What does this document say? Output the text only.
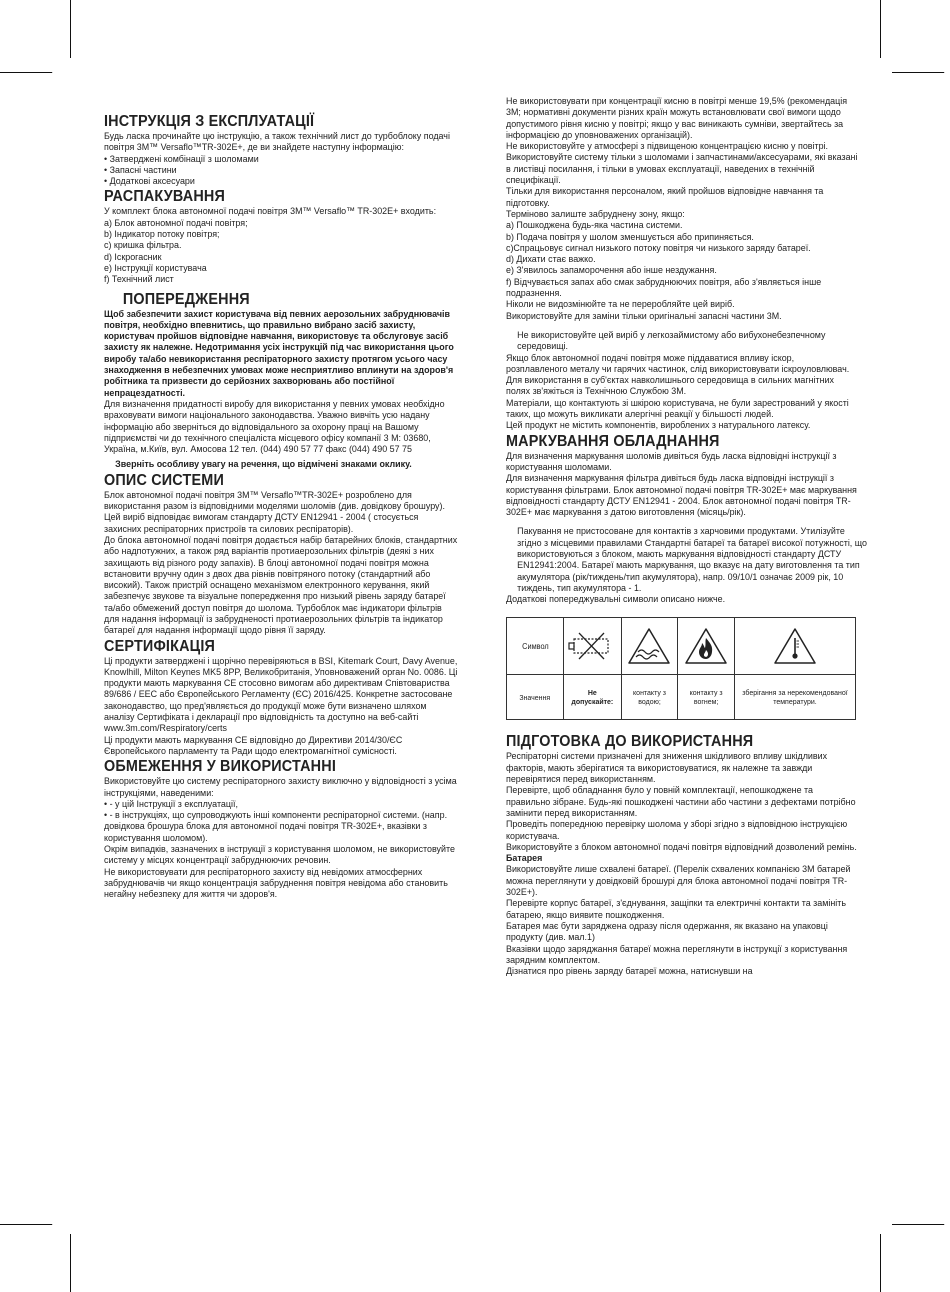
ІНСТРУКЦІЯ З ЕКСПЛУАТАЦІЇ

Будь ласка прочинайте цю інструкцію, а також технічний лист до турбоблоку подачі повітря 3M™ Versaflo™TR-302E+, де ви знайдете наступну інформацію:

• Затверджені комбінації з шоломами

• Запасні частини

• Додаткові аксесуари

РАСПАКУВАННЯ

У комплект блока автономної подачі повітря 3M™ Versaflo™ TR-302E+ входить:

a) Блок автономної подачі повітря;

b) Індикатор потоку повітря;

c) кришка фільтра.

d) Іскрогасник

e) Інструкції користувача

f) Технічний лист

ПОПЕРЕДЖЕННЯ

Щоб забезпечити захист користувача від певних аерозольних забруднювачів повітря, необхідно впевнитись, що правильно вибрано засіб захисту, користувач пройшов відповідне навчання, використовує та обслуговує засіб захисту як належне. Недотримання усіх інструкцій під час використання цього виробу та/або невикористання респіраторного захисту протягом усього часу знаходження в небезпечних умовах може несприятливо вплинути на здоров'я робітника та призвести до серйозних захворювань або постійної непрацездатності.

Для визначення придатності виробу для використання у певних умовах необхідно враховувати вимоги національного законодавства. Уважно вивчіть усю надану інформацію або зверніться до відповідального за охорону праці на Вашому підприємстві чи до технічного спеціаліста місцевого офісу компанії 3 M: 03680, Україна, м.Київ, вул. Амосова 12 тел. (044) 490 57 77 факс (044) 490 57 75

Зверніть особливу увагу на речення, що відмічені знаками оклику.

ОПИС СИСТЕМИ

Блок автономної подачі повітря 3M™ Versaflo™TR-302E+ розроблено для використання разом із відповідними моделями шоломів (див. довідкову брошуру). Цей виріб відповідає вимогам стандарту ДСТУ EN12941 - 2004 ( стосується захисних респіраторних пристроїв та силових респіраторів).

До блока автономної подачі повітря додається набір батарейних блоків, стандартних або надпотужних, а також ряд варіантів протиаерозольних фільтрів (деякі з них захищають від різного роду запахів). В блоці автономної подачі повітря можна встановити вручну один з двох два рівнів повітряного потоку (стандартний або високий). Також пристрій оснащено механізмом електронного керування, який забезпечує звукове та візуальне попередження про низький рівень заряду батареї та/або обмежений доступ повітря до шолома. Турбоблок має індикатори фільтрів для надання інформації із забрудненості протиаерозольних фільтрів та індикатор батареї для надання інформації щодо рівня її заряду.

СЕРТИФІКАЦІЯ

Ці продукти затверджені і щорічно перевіряються в BSI, Kitemark Court, Davy Avenue, Knowlhill, Milton Keynes MK5 8PP, Великобританія, Уповноважений орган No. 0086. Ці продукти мають маркування CE стосовно вимогам або директивам Співтовариства 89/686 / EEC або Європейського Регламенту (ЄС) 2016/425. Конкретне застосоване законодавство, що пред'являється до продукції може бути визначено шляхом аналізу Сертифіката і декларації про відповідність та доступно на веб-сайті www.3m.com/Respiratory/certs

Ці продукти мають маркування CE відповідно до Директиви 2014/30/ЄС Європейського парламенту та Ради щодо електромагнітної сумісності.

ОБМЕЖЕННЯ У ВИКОРИСТАННІ

Використовуйте цю систему респіраторного захисту виключно у відповідності з усіма інструкціями, наведеними:

• - у цій Інструкції з експлуатації,

• - в інструкціях, що супроводжують інші компоненти респіраторної системи. (напр. довідкова брошура блока для автономної подачі повітря TR-302E+, вказівки з користування шоломом).

Окрім випадків, зазначених в інструкції з користування шоломом, не використовуйте систему у місцях концентрації забруднюючих речовин.

Не використовувати для респіраторного захисту від невідомих атмосферних забруднювачів чи якщо концентрація забруднення повітря невідома або становить негайну небезпеку для життя чи здоров'я.

Не використовувати при концентрації кисню в повітрі менше 19,5% (рекомендація 3M; нормативні документи різних країн можуть встановлювати свої вимоги щодо допустимого рівня кисню у повітрі; якщо у вас виникають сумніви, звертайтесь за інформацією до уповноважених організацій).

Не використовуйте у атмосфері з підвищеною концентрацією кисню у повітрі.

Використовуйте систему тільки з шоломами і запчастинами/аксесуарами, які вказані в листівці посилання, і тільки в умовах експлуатації, наведених в технічній специфікації.

Тільки для використання персоналом, який пройшов відповідне навчання та підготовку.

Терміново залиште забруднену зону, якщо:

a) Пошкоджена будь-яка частина системи.

b) Подача повітря у шолом зменшується або припиняється.

c)Спрацьовує сигнал низького потоку повітря чи низького заряду батареї.

d) Дихати стає важко.

e) З'явилось запаморочення або інше нездужання.

f) Відчувається запах або смак забруднюючих повітря, або з'являється інше подразнення.

Ніколи не видозмінюйте та не переробляйте цей виріб.

Використовуйте для заміни тільки оригінальні запасні частини 3M.

Не використовуйте цей виріб у легкозаймистому або вибухонебезпечному середовищі.

Якщо блок автономної подачі повітря може піддаватися впливу іскор, розплавленого металу чи гарячих частинок, слід використовувати іскроуловлювач.

Для використання в суб'єктах навколишнього середовища в сильних магнітних полях зв'яжіться із Технічною Службою 3M.

Матеріали, що контактують зі шкірою користувача, не були зарестрований у якості таких, що можуть викликати алергічні реакції у більшості людей.

Цей продукт не містить компонентів, вироблених з натурального латексу.

МАРКУВАННЯ ОБЛАДНАННЯ

Для визначення маркування шоломів дивіться будь ласка відповідні інструкції з користування шоломами.

Для визначення маркування фільтра дивіться будь ласка відповідні інструкції з користування фільтрами. Блок автономної подачі повітря TR-302E+ має маркування відповідності стандарту ДСТУ EN12941 - 2004. Блок автономної подачі повітря TR-302E+ має маркування з датою виготовлення (місяць/рік).

Пакування не пристосоване для контактів з харчовими продуктами. Утилізуйте згідно з місцевими правилами Стандартні батареї та батареї високої потужності, що використовуються з блоком, мають маркування відповідності стандарту ДСТУ EN12941:2004. Батареї мають маркування, що вказує на дату виготовлення та тип акумулятора (рік/тиждень/тип акумулятора), напр. 09/10/1 означає 2009 рік, 10 тиждень, тип акумулятора - 1.

Додаткові попереджувальні символи описано нижче.

Символ	

Значення	Не допускайте:	контакту з водою;	контакту з вогнем;	зберігання за нерекомендованої температури.
ПІДГОТОВКА ДО ВИКОРИСТАННЯ

Респіраторні системи призначені для зниження шкідливого впливу шкідливих факторів, мають зберігатися та використовуватися, як належне та завжди перевірятися перед використанням.

Перевірте, щоб обладнання було у повній комплектації, непошкоджене та правильно зібране. Будь-які пошкоджені частини або частини з дефектами потрібно замінити перед використанням.

Проведіть попереднюю перевірку шолома у зборі згідно з відповідною інструкцією користувача.

Використовуйте з блоком автономної подачі повітря відповідний дозволений ремінь.

Батарея

Використовуйте лише схвалені батареї. (Перелік схвалених компанією 3M батарей можна переглянути у довідковій брошурі для блока автономної подачі повітря TR-302E+).

Перевірте корпус батареї, з'єднування, защіпки та електричні контакти та замініть батарею, якщо виявите пошкодження.

Батарея має бути заряджена одразу після одержання, як вказано на упаковці продукту (див. мал.1)

Вказівки щодо заряджання батареї можна переглянути в інструкції з користування зарядним комплектом.

Дізнатися про рівень заряду батареї можна, натиснувши на
